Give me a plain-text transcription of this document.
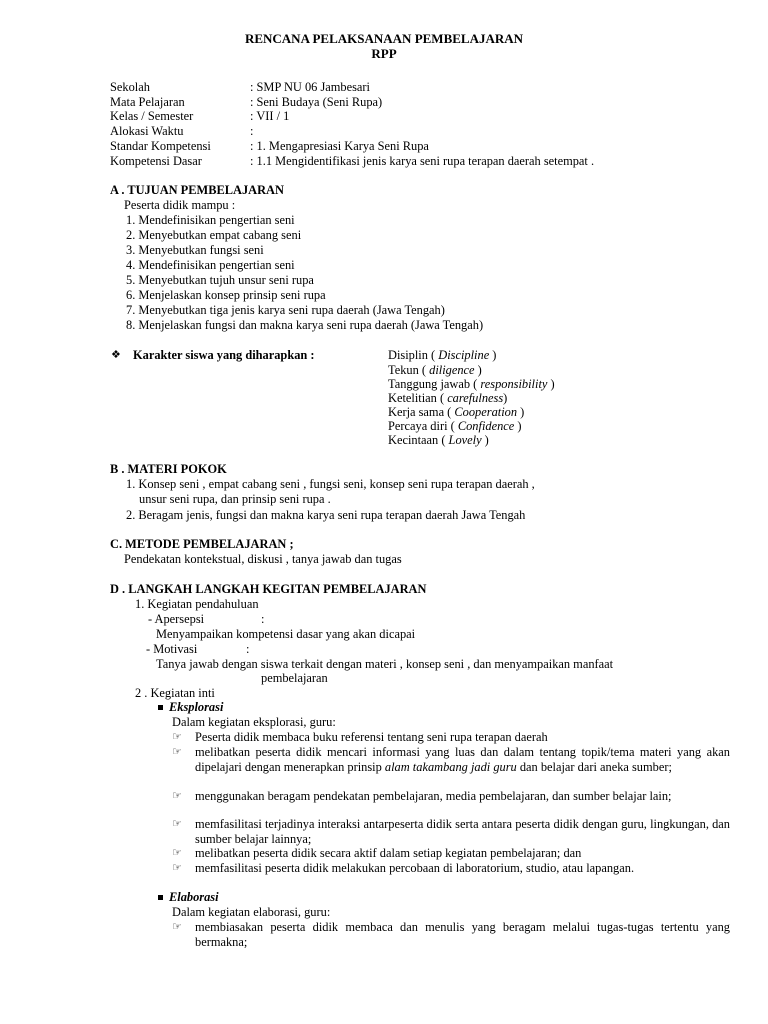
RENCANA PELAKSANAAN PEMBELAJARAN
RPP
Sekolah	: SMP NU 06 Jambesari
Mata Pelajaran	: Seni Budaya (Seni Rupa)
Kelas / Semester	: VII / 1
Alokasi Waktu	:
Standar Kompetensi	: 1. Mengapresiasi Karya Seni Rupa
Kompetensi Dasar	: 1.1 Mengidentifikasi jenis karya seni rupa terapan daerah setempat .
A . TUJUAN PEMBELAJARAN
Peserta didik mampu :
1. Mendefinisikan pengertian seni
2. Menyebutkan empat cabang seni
3. Menyebutkan fungsi seni
4. Mendefinisikan pengertian seni
5. Menyebutkan tujuh unsur seni rupa
6. Menjelaskan konsep prinsip seni rupa
7. Menyebutkan tiga jenis karya seni rupa daerah (Jawa Tengah)
8. Menjelaskan fungsi dan makna karya seni rupa daerah (Jawa Tengah)
❖ Karakter siswa yang diharapkan :	Disiplin ( Discipline )
Tekun ( diligence )
Tanggung jawab ( responsibility )
Ketelitian ( carefulness)
Kerja sama ( Cooperation )
Percaya diri ( Confidence )
Kecintaan ( Lovely )
B . MATERI POKOK
1. Konsep seni , empat cabang seni , fungsi seni, konsep seni rupa terapan daerah ,
unsur seni rupa, dan prinsip seni rupa .
2. Beragam jenis, fungsi dan makna karya seni rupa terapan daerah Jawa Tengah
C. METODE PEMBELAJARAN ;
Pendekatan kontekstual, diskusi , tanya jawab dan tugas
D . LANGKAH LANGKAH KEGITAN PEMBELAJARAN
1. Kegiatan pendahuluan
- Apersepsi	:
Menyampaikan kompetensi dasar yang akan dicapai
- Motivasi	:
Tanya jawab dengan siswa terkait dengan materi , konsep seni , dan menyampaikan manfaat
pembelajaran
2 . Kegiatan inti
Eksplorasi
Dalam kegiatan eksplorasi, guru:
☞ Peserta didik membaca buku referensi tentang seni rupa terapan daerah
☞ melibatkan peserta didik mencari informasi yang luas dan dalam tentang topik/tema materi yang akan dipelajari dengan menerapkan prinsip alam takambang jadi guru dan belajar dari aneka sumber;
☞ menggunakan beragam pendekatan pembelajaran, media pembelajaran, dan sumber belajar lain;
☞ memfasilitasi terjadinya interaksi antarpeserta didik serta antara peserta didik dengan guru, lingkungan, dan sumber belajar lainnya;
☞ melibatkan peserta didik secara aktif dalam setiap kegiatan pembelajaran; dan
☞ memfasilitasi peserta didik melakukan percobaan di laboratorium, studio, atau lapangan.
Elaborasi
Dalam kegiatan elaborasi, guru:
☞ membiasakan peserta didik membaca dan menulis yang beragam melalui tugas-tugas tertentu yang bermakna;
